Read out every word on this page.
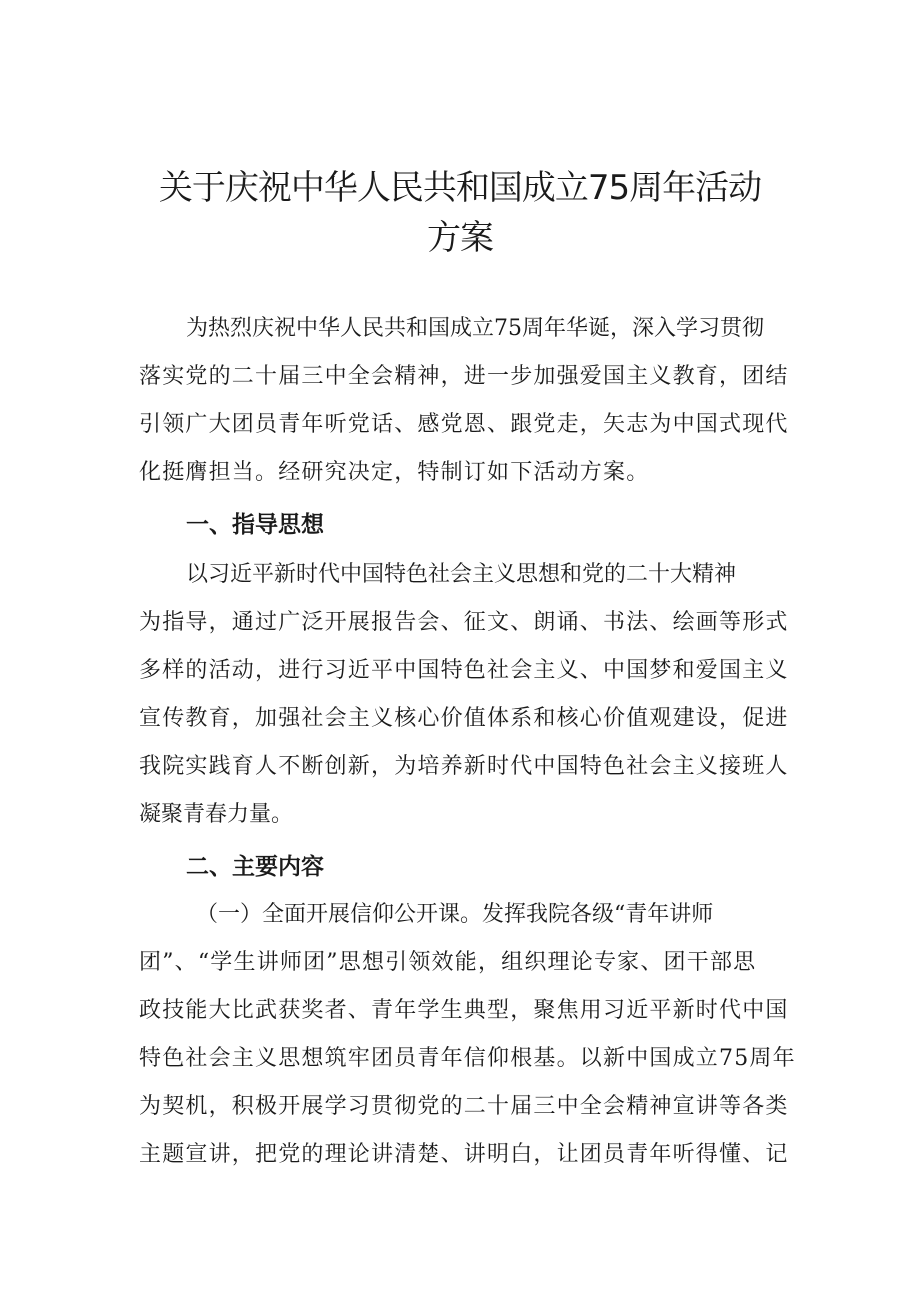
关于庆祝中华人民共和国成立75周年活动
方案

为热烈庆祝中华人民共和国成立75周年华诞，深入学习贯彻

落实党的二十届三中全会精神，进一步加强爱国主义教育，团结

引领广大团员青年听党话、感党恩、跟党走，矢志为中国式现代

化挺膺担当。经研究决定，特制订如下活动方案。

一、指导思想

以习近平新时代中国特色社会主义思想和党的二十大精神

为指导，通过广泛开展报告会、征文、朗诵、书法、绘画等形式

多样的活动，进行习近平中国特色社会主义、中国梦和爱国主义

宣传教育，加强社会主义核心价值体系和核心价值观建设，促进

我院实践育人不断创新，为培养新时代中国特色社会主义接班人

凝聚青春力量。

二、主要内容

（一）全面开展信仰公开课。发挥我院各级“青年讲师

团”、“学生讲师团”思想引领效能，组织理论专家、团干部思

政技能大比武获奖者、青年学生典型，聚焦用习近平新时代中国

特色社会主义思想筑牢团员青年信仰根基。以新中国成立75周年

为契机，积极开展学习贯彻党的二十届三中全会精神宣讲等各类

主题宣讲，把党的理论讲清楚、讲明白，让团员青年听得懂、记
